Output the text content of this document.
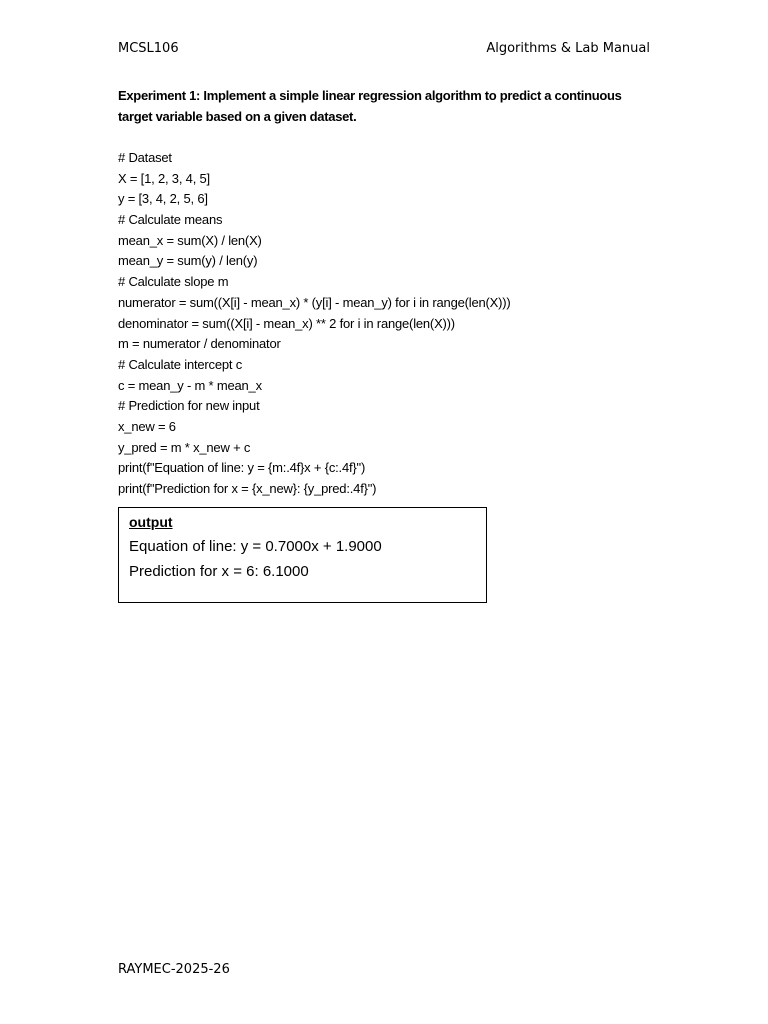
MCSL106	Algorithms & Lab Manual
Experiment 1: Implement a simple linear regression algorithm to predict a continuous
target variable based on a given dataset.
# Dataset
X = [1, 2, 3, 4, 5]
y = [3, 4, 2, 5, 6]
# Calculate means
mean_x = sum(X) / len(X)
mean_y = sum(y) / len(y)
# Calculate slope m
numerator = sum((X[i] - mean_x) * (y[i] - mean_y) for i in range(len(X)))
denominator = sum((X[i] - mean_x) ** 2 for i in range(len(X)))
m = numerator / denominator
# Calculate intercept c
c = mean_y - m * mean_x
# Prediction for new input
x_new = 6
y_pred = m * x_new + c
print(f"Equation of line: y = {m:.4f}x + {c:.4f}")
print(f"Prediction for x = {x_new}: {y_pred:.4f}")
output
Equation of line: y = 0.7000x + 1.9000
Prediction for x = 6: 6.1000
RAYMEC-2025-26
